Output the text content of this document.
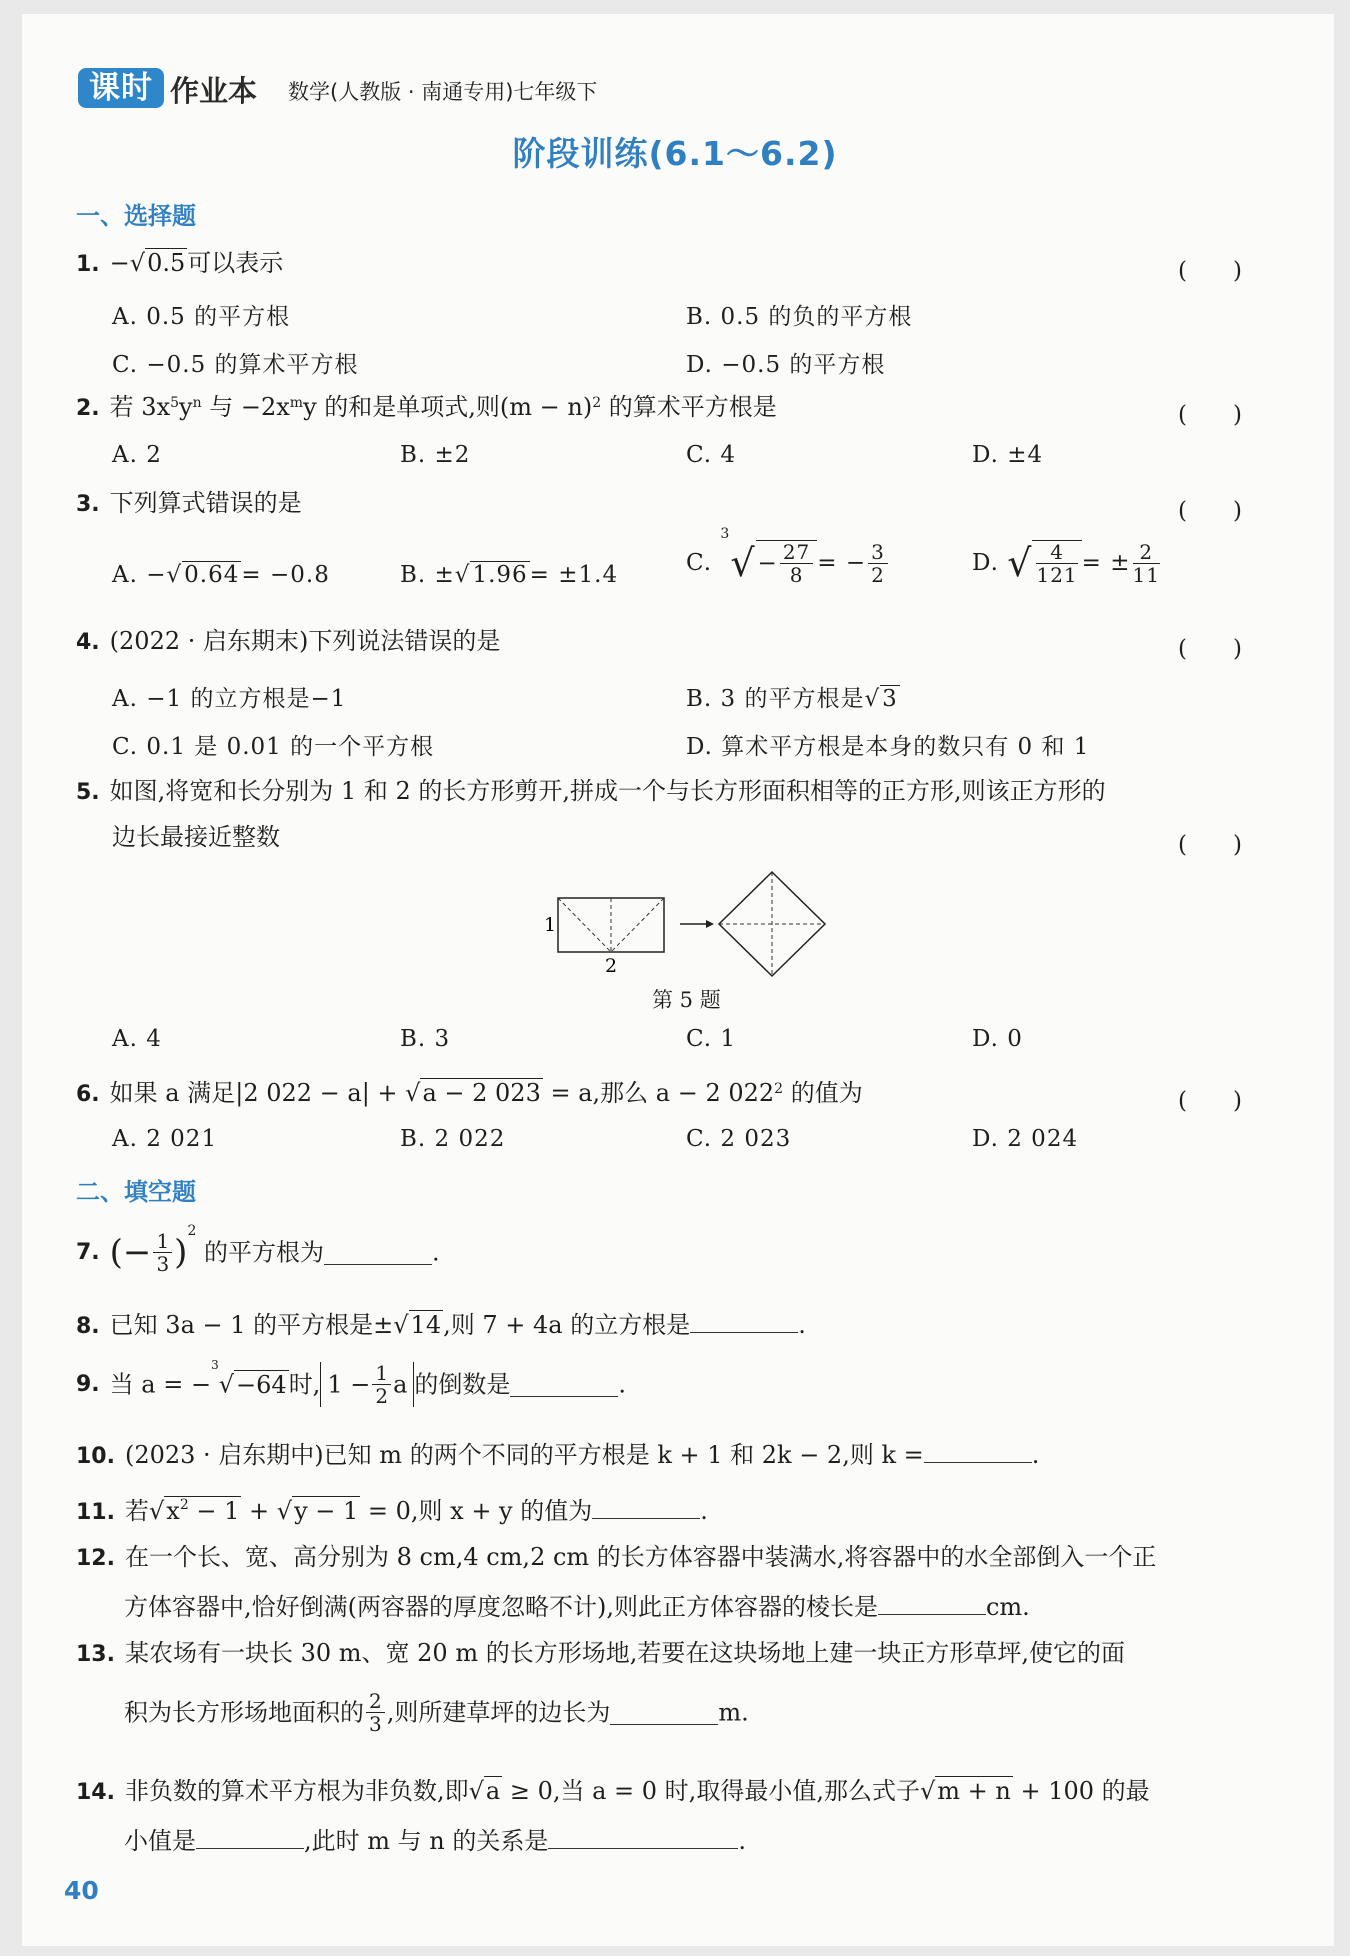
课时 作业本 数学(人教版 · 南通专用)七年级下
阶段训练(6.1～6.2)
一、选择题
1. −√0.5可以表示	(　　)
A. 0.5 的平方根	B. 0.5 的负的平方根
C. −0.5 的算术平方根	D. −0.5 的平方根
2. 若 $3x^5y^n$ 与 $-2x^my$ 的和是单项式,则$(m - n)^2$ 的算术平方根是	(　　)
A. 2	B. ±2	C. 4	D. ±4
3. 下列算式错误的是	(　　)
A. −√0.64= −0.8	B. ±√1.96= ±1.4	C. $^3√- \frac{27}{8}$ = − $\frac{3}{2}$	D. √ $\frac{4}{121}$ = ± $\frac{2}{11}$
4. (2022 · 启东期末)下列说法错误的是	(　　)
A. −1 的立方根是−1	B. 3 的平方根是√3
C. 0.1 是 0.01 的一个平方根	D. 算术平方根是本身的数只有 0 和 1
5. 如图,将宽和长分别为 1 和 2 的长方形剪开,拼成一个与长方形面积相等的正方形,则该正方形的
边长最接近整数	(　　)
1
2
第 5 题
A. 4	B. 3	C. 1	D. 0
6. 如果 a 满足|2 022 − a| + √a − 2 023 = a,那么 a − 2 $022^2$ 的值为	(　　)
A. 2 021	B. 2 022	C. 2 023	D. 2 024
二、填空题
7. (− $\frac{1}{3} )^2$ 的平方根为	.
8. 已知 3a − 1 的平方根是±√14,则 7 + 4a 的立方根是	.
9. 当 a = −$^3$√−64时, $1 - \frac{1}{2}$ a 的倒数是	.
10. (2023 · 启东期中)已知 m 的两个不同的平方根是 k + 1 和 2k − 2,则 k =	.
11. 若$√x^2 - 1 + √y - 1 = 0$,则 x + y 的值为	.
12. 在一个长、宽、高分别为 8 cm,4 cm,2 cm 的长方体容器中装满水,将容器中的水全部倒入一个正
方体容器中,恰好倒满(两容器的厚度忽略不计),则此正方体容器的棱长是	cm.
13. 某农场有一块长 30 m、宽 20 m 的长方形场地,若要在这块场地上建一块正方形草坪,使它的面
积为长方形场地面积的 $\frac{2}{3}$ ,则所建草坪的边长为	m.
14. 非负数的算术平方根为非负数,即√a ≥ 0,当 a = 0 时,取得最小值,那么式子√m + n + 100 的最
小值是	,此时 m 与 n 的关系是	.
40
